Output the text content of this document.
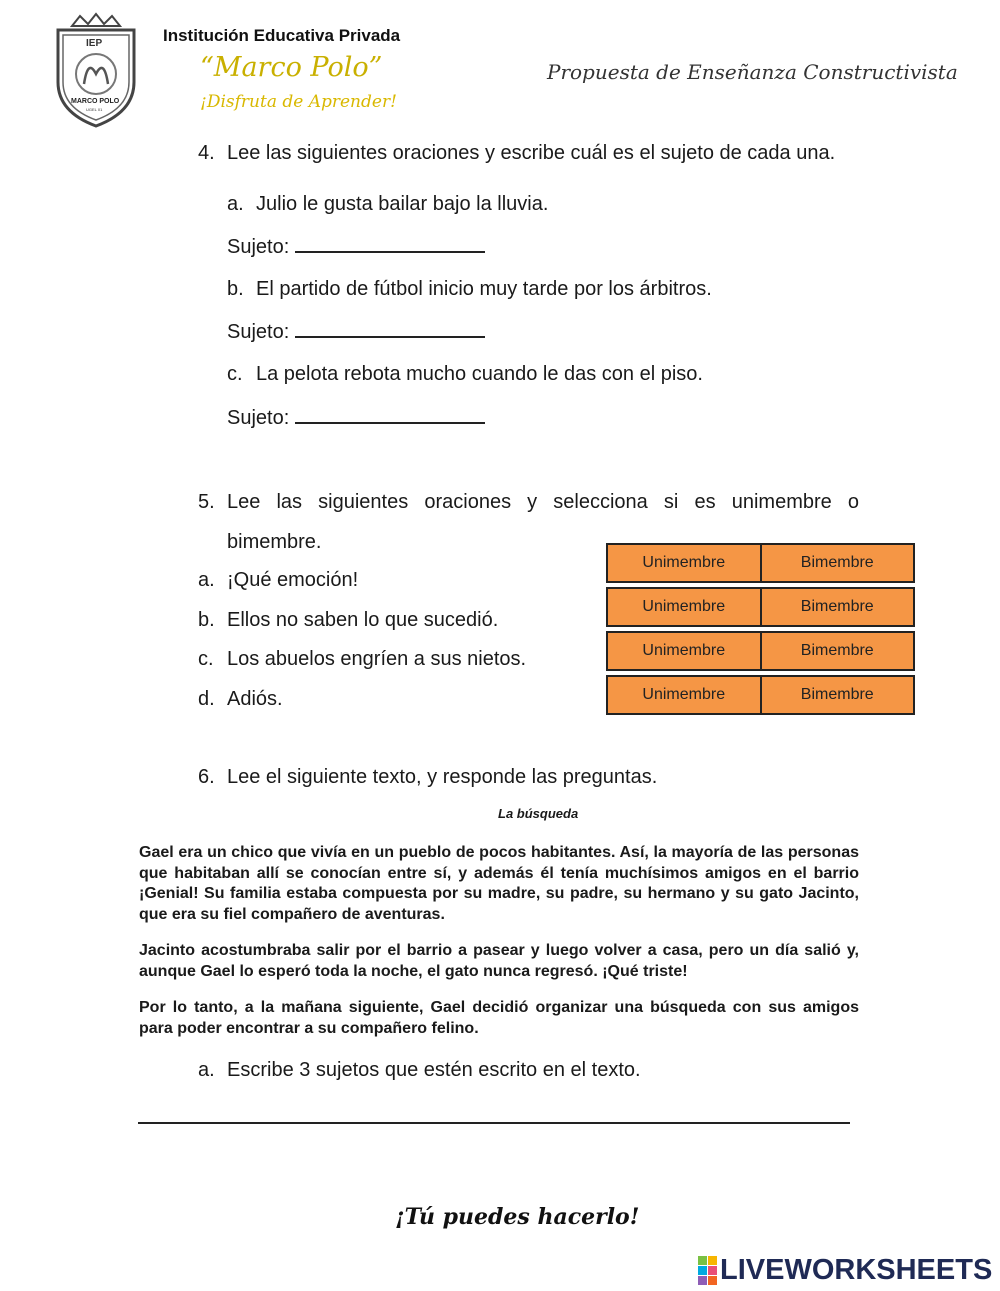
IEP
MARCO POLO
UGEL 01
Institución Educativa Privada
“Marco Polo”
¡Disfruta de Aprender!
Propuesta de Enseñanza Constructivista
4. Lee las siguientes oraciones y escribe cuál es el sujeto de cada una.
a. Julio le gusta bailar bajo la lluvia.
Sujeto:
b. El partido de fútbol inicio muy tarde por los árbitros.
Sujeto:
c. La pelota rebota mucho cuando le das con el piso.
Sujeto:
5. Lee las siguientes oraciones y selecciona si es unimembre o bimembre.
a. ¡Qué emoción!
b. Ellos no saben lo que sucedió.
c. Los abuelos engríen a sus nietos.
d. Adiós.
Unimembre	Bimembre
Unimembre	Bimembre
Unimembre	Bimembre
Unimembre	Bimembre
6. Lee el siguiente texto, y responde las preguntas.
La búsqueda
Gael era un chico que vivía en un pueblo de pocos habitantes. Así, la mayoría de las personas que habitaban allí se conocían entre sí, y además él tenía muchísimos amigos en el barrio ¡Genial! Su familia estaba compuesta por su madre, su padre, su hermano y su gato Jacinto, que era su fiel compañero de aventuras.
Jacinto acostumbraba salir por el barrio a pasear y luego volver a casa, pero un día salió y, aunque Gael lo esperó toda la noche, el gato nunca regresó. ¡Qué triste!
Por lo tanto, a la mañana siguiente, Gael decidió organizar una búsqueda con sus amigos para poder encontrar a su compañero felino.
a. Escribe 3 sujetos que estén escrito en el texto.
¡Tú puedes hacerlo!
LIVEWORKSHEETS
